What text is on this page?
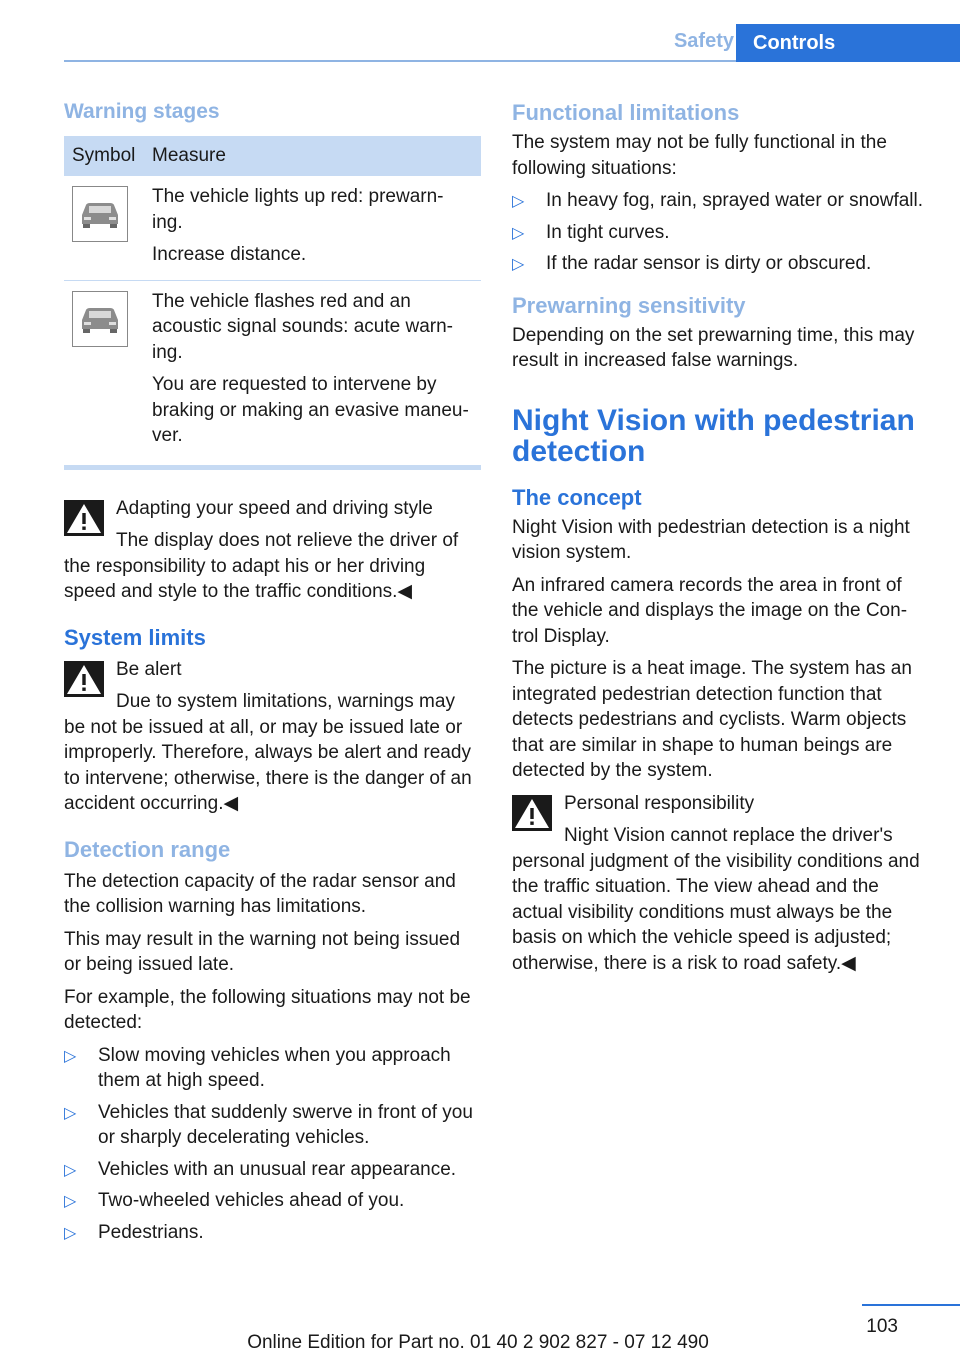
Safety Controls
Warning stages
Symbol	Measure

The vehicle lights up red: prewarn-ing.
Increase distance.

The vehicle flashes red and an acoustic signal sounds: acute warn-ing.
You are requested to intervene by braking or making an evasive maneu-ver.
Adapting your speed and driving style
The display does not relieve the driver of the responsibility to adapt his or her driving speed and style to the traffic conditions.◀
System limits
Be alert
Due to system limitations, warnings may be not be issued at all, or may be issued late or improperly. Therefore, always be alert and ready to intervene; otherwise, there is the danger of an accident occurring.◀
Detection range
The detection capacity of the radar sensor and the collision warning has limitations.
This may result in the warning not being issued or being issued late.
For example, the following situations may not be detected:
▷ Slow moving vehicles when you approach them at high speed.
▷ Vehicles that suddenly swerve in front of you or sharply decelerating vehicles.
▷ Vehicles with an unusual rear appearance.
▷ Two-wheeled vehicles ahead of you.
▷ Pedestrians.
Functional limitations
The system may not be fully functional in the following situations:
▷ In heavy fog, rain, sprayed water or snowfall.
▷ In tight curves.
▷ If the radar sensor is dirty or obscured.
Prewarning sensitivity
Depending on the set prewarning time, this may result in increased false warnings.
Night Vision with pedestrian detection
The concept
Night Vision with pedestrian detection is a night vision system.
An infrared camera records the area in front of the vehicle and displays the image on the Con-trol Display.
The picture is a heat image. The system has an integrated pedestrian detection function that detects pedestrians and cyclists. Warm objects that are similar in shape to human beings are detected by the system.
Personal responsibility
Night Vision cannot replace the driver's personal judgment of the visibility conditions and the traffic situation. The view ahead and the actual visibility conditions must always be the basis on which the vehicle speed is adjusted; otherwise, there is a risk to road safety.◀
103
Online Edition for Part no. 01 40 2 902 827 - 07 12 490
